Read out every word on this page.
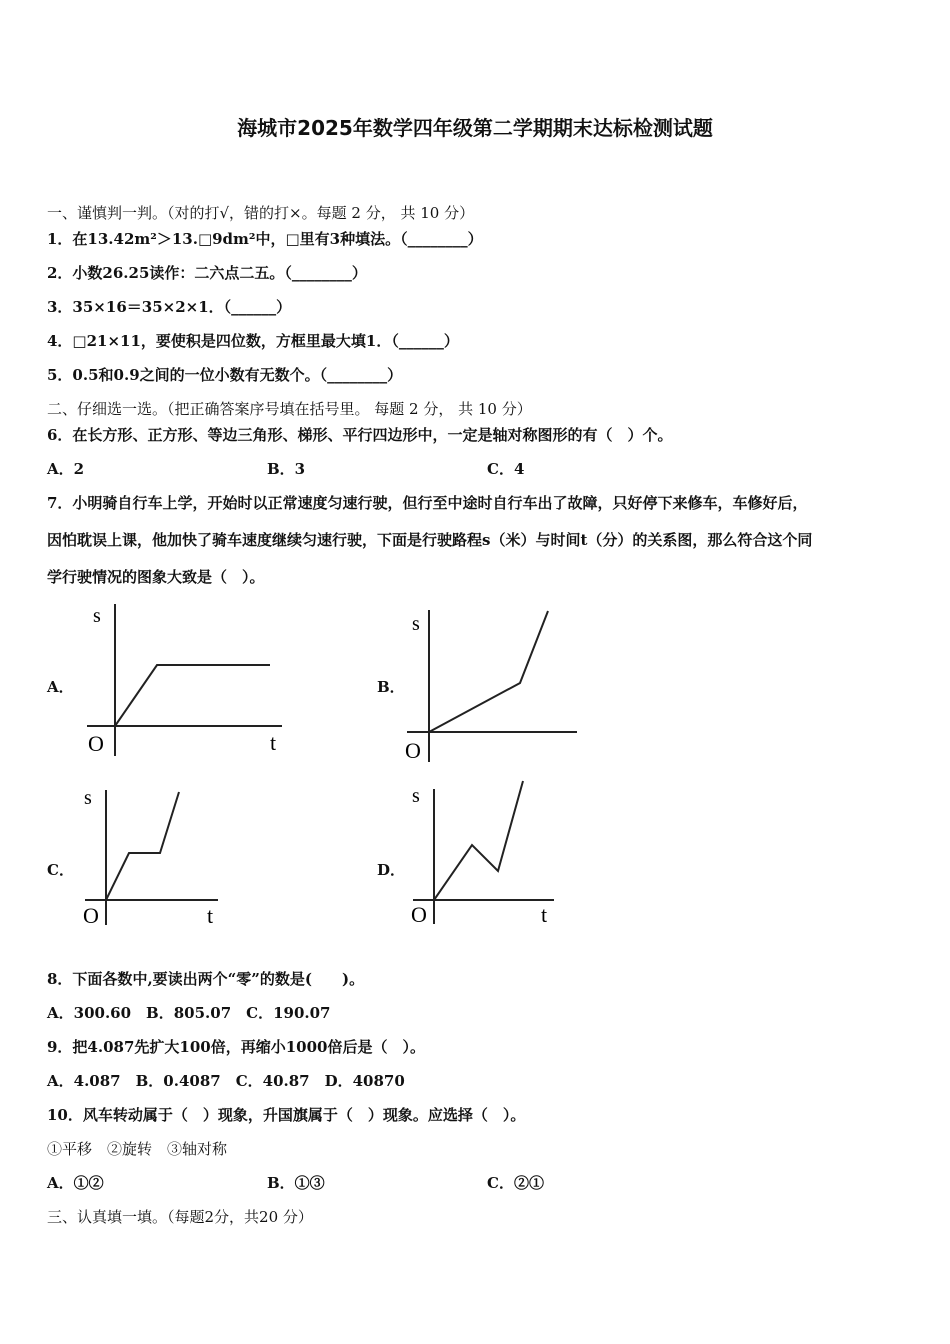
海城市2025年数学四年级第二学期期末达标检测试题
一、谨慎判一判。（对的打√，错的打×。每题 2 分， 共 10 分）
1．在13.42m²＞13.□9dm²中，□里有3种填法。（________）
2．小数26.25读作：二六点二五。（________）
3．35×16＝35×2×1．（______）
4．□21×11，要使积是四位数，方框里最大填1．（______）
5．0.5和0.9之间的一位小数有无数个。（________）
二、仔细选一选。（把正确答案序号填在括号里。 每题 2 分， 共 10 分）
6．在长方形、正方形、等边三角形、梯形、平行四边形中，一定是轴对称图形的有（　）个。
A．2	B．3	C．4
7．小明骑自行车上学，开始时以正常速度匀速行驶，但行至中途时自行车出了故障，只好停下来修车，车修好后，
因怕耽误上课，他加快了骑车速度继续匀速行驶，下面是行驶路程s（米）与时间t（分）的关系图，那么符合这个同
学行驶情况的图象大致是（　）。
A．	B．
C．	D．
s
t
O
s
O
s
t
O
s
t
O
8．下面各数中,要读出两个“零”的数是(　　)。
A．300.60　B．805.07　C．190.07
9．把4.087先扩大100倍，再缩小1000倍后是（　）。
A．4.087　B．0.4087　C．40.87　D．40870
10．风车转动属于（　）现象，升国旗属于（　）现象。应选择（　）。
①平移　②旋转　③轴对称
A．①②	B．①③	C．②①
三、认真填一填。（每题2分，共20 分）
